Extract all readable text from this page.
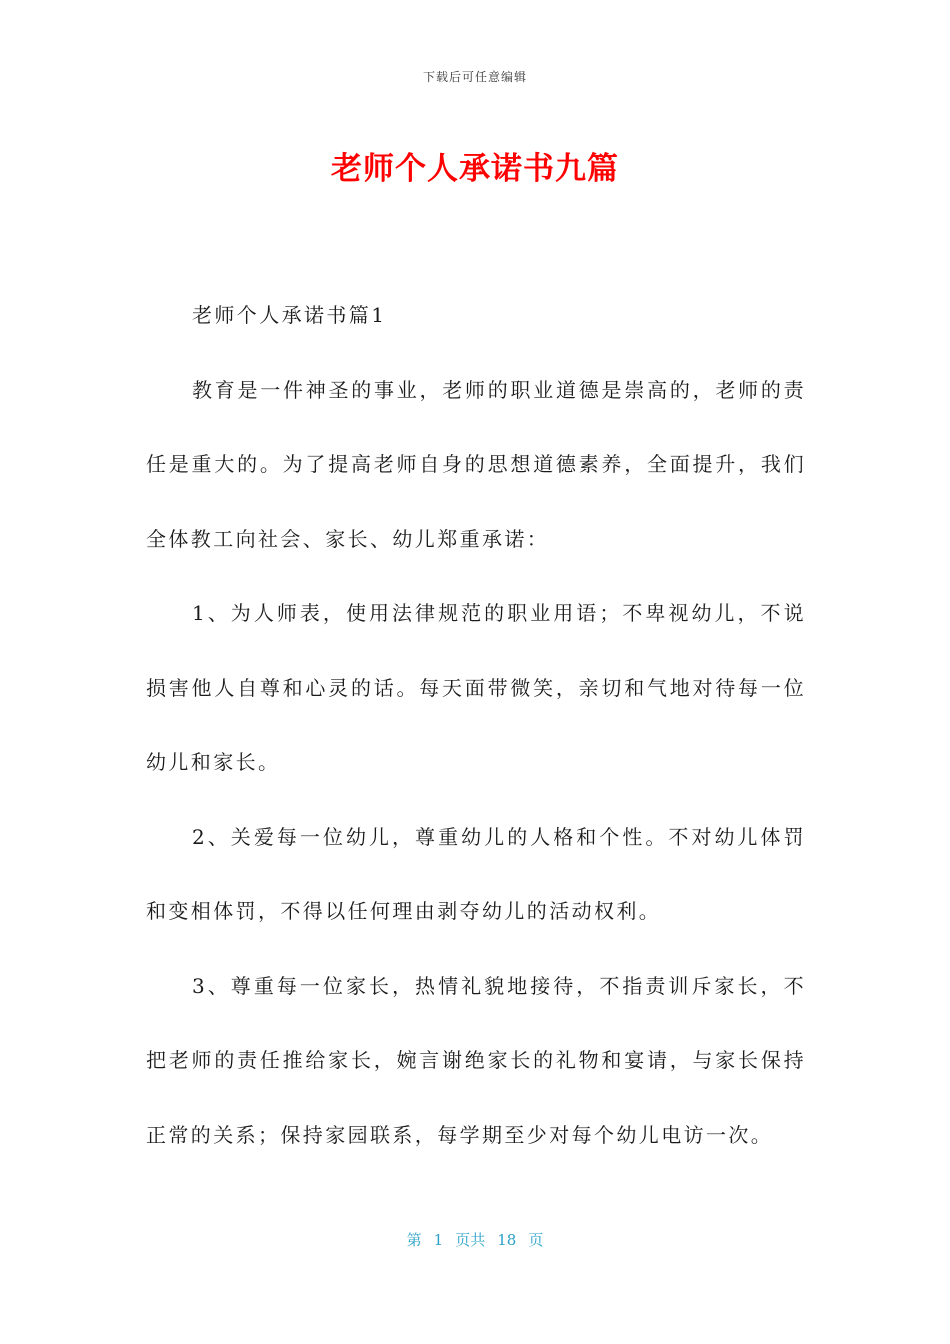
下载后可任意编辑
老师个人承诺书九篇

老师个人承诺书篇1

教育是一件神圣的事业，老师的职业道德是崇高的，老师的责任是重大的。为了提高老师自身的思想道德素养，全面提升，我们全体教工向社会、家长、幼儿郑重承诺：

1、为人师表，使用法律规范的职业用语；不卑视幼儿，不说损害他人自尊和心灵的话。每天面带微笑，亲切和气地对待每一位幼儿和家长。

2、关爱每一位幼儿，尊重幼儿的人格和个性。不对幼儿体罚和变相体罚，不得以任何理由剥夺幼儿的活动权利。

3、尊重每一位家长，热情礼貌地接待，不指责训斥家长，不把老师的责任推给家长，婉言谢绝家长的礼物和宴请，与家长保持正常的关系；保持家园联系，每学期至少对每个幼儿电访一次。

第 1 页共 18 页
